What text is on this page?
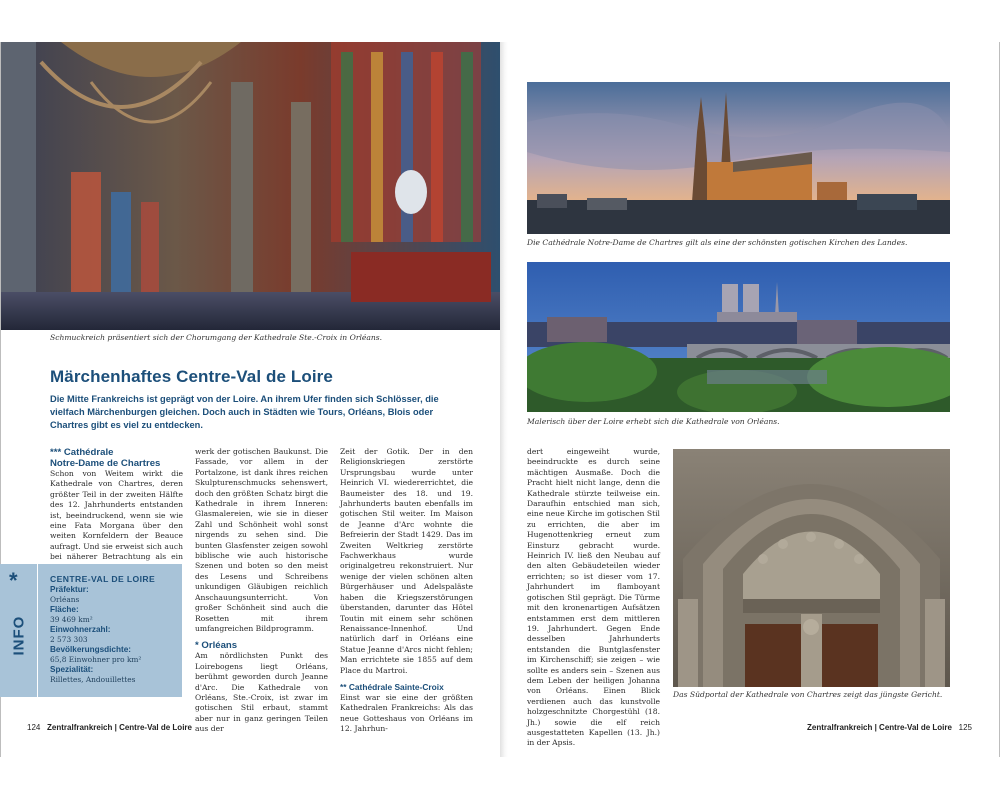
Schmuckreich präsentiert sich der Chorumgang der Kathedrale Ste.-Croix in Orléans.
Die Cathédrale Notre-Dame de Chartres gilt als eine der schönsten gotischen Kirchen des Landes.
Malerisch über der Loire erhebt sich die Kathedrale von Orléans.
Das Südportal der Kathedrale von Chartres zeigt das jüngste Gericht.
Märchenhaftes Centre-Val de Loire
Die Mitte Frankreichs ist geprägt von der Loire. An ihrem Ufer finden sich Schlösser, die vielfach Märchenburgen gleichen. Doch auch in Städten wie Tours, Orléans, Blois oder Chartres gibt es viel zu entdecken.
*** Cathédrale
Notre-Dame de Chartres
Schon von Weitem wirkt die Kathedrale von Chartres, deren größter Teil in der zweiten Hälfte des 12. Jahrhunderts entstanden ist, beeindruckend, wenn sie wie eine Fata Morgana über den weiten Kornfeldern der Beauce aufragt. Und sie erweist sich auch bei näherer Betrachtung als ein
*
INFO
CENTRE-VAL DE LOIRE
Präfektur:
Orléans
Fläche:
39 469 km²
Einwohnerzahl:
2 573 303
Bevölkerungsdichte:
65,8 Einwohner pro km²
Spezialität:
Rillettes, Andouillettes
werk der gotischen Baukunst. Die Fassade, vor allem in der Portalzone, ist dank ihres reichen Skulpturenschmucks sehenswert, doch den größten Schatz birgt die Kathedrale in ihrem Inneren: Glasmalereien, wie sie in dieser Zahl und Schönheit wohl sonst nirgends zu sehen sind. Die bunten Glasfenster zeigen sowohl biblische wie auch historische Szenen und boten so den meist des Lesens und Schreibens unkundigen Gläubigen reichlich Anschauungsunterricht. Von großer Schönheit sind auch die Rosetten mit ihrem umfangreichen Bildprogramm.
* Orléans
Am nördlichsten Punkt des Loirebogens liegt Orléans, berühmt geworden durch Jeanne d'Arc. Die Kathedrale von Orléans, Ste.-Croix, ist zwar im gotischen Stil erbaut, stammt aber nur in ganz geringen Teilen aus der
Zeit der Gotik. Der in den Religionskriegen zerstörte Ursprungsbau wurde unter Heinrich VI. wiedererrichtet, die Baumeister des 18. und 19. Jahrhunderts bauten ebenfalls im gotischen Stil weiter. Im Maison de Jeanne d'Arc wohnte die Befreierin der Stadt 1429. Das im Zweiten Weltkrieg zerstörte Fachwerkhaus wurde originalgetreu rekonstruiert. Nur wenige der vielen schönen alten Bürgerhäuser und Adelspaläste haben die Kriegszerstörungen überstanden, darunter das Hôtel Toutin mit einem sehr schönen Renaissance-Innenhof. Und natürlich darf in Orléans eine Statue Jeanne d'Arcs nicht fehlen; Man errichtete sie 1855 auf dem Place du Martroi.
** Cathédrale Sainte-Croix
Einst war sie eine der größten Kathedralen Frankreichs: Als das neue Gotteshaus von Orléans im 12. Jahrhun-
dert eingeweiht wurde, beeindruckte es durch seine mächtigen Ausmaße. Doch die Pracht hielt nicht lange, denn die Kathedrale stürzte teilweise ein. Daraufhin entschied man sich, eine neue Kirche im gotischen Stil zu errichten, die aber im Hugenottenkrieg erneut zum Einsturz gebracht wurde. Heinrich IV. ließ den Neubau auf den alten Gebäudeteilen wieder errichten; so ist dieser vom 17. Jahrhundert im flamboyant gotischen Stil geprägt. Die Türme mit den kronenartigen Aufsätzen entstammen erst dem mittleren 19. Jahrhundert. Gegen Ende desselben Jahrhunderts entstanden die Buntglasfenster im Kirchenschiff; sie zeigen – wie sollte es anders sein – Szenen aus dem Leben der heiligen Johanna von Orléans. Einen Blick verdienen auch das kunstvolle holzgeschnitzte Chorgestühl (18. Jh.) sowie die elf reich ausgestatteten Kapellen (13. Jh.) in der Apsis.
124 Zentralfrankreich | Centre-Val de Loire	Zentralfrankreich | Centre-Val de Loire 125
